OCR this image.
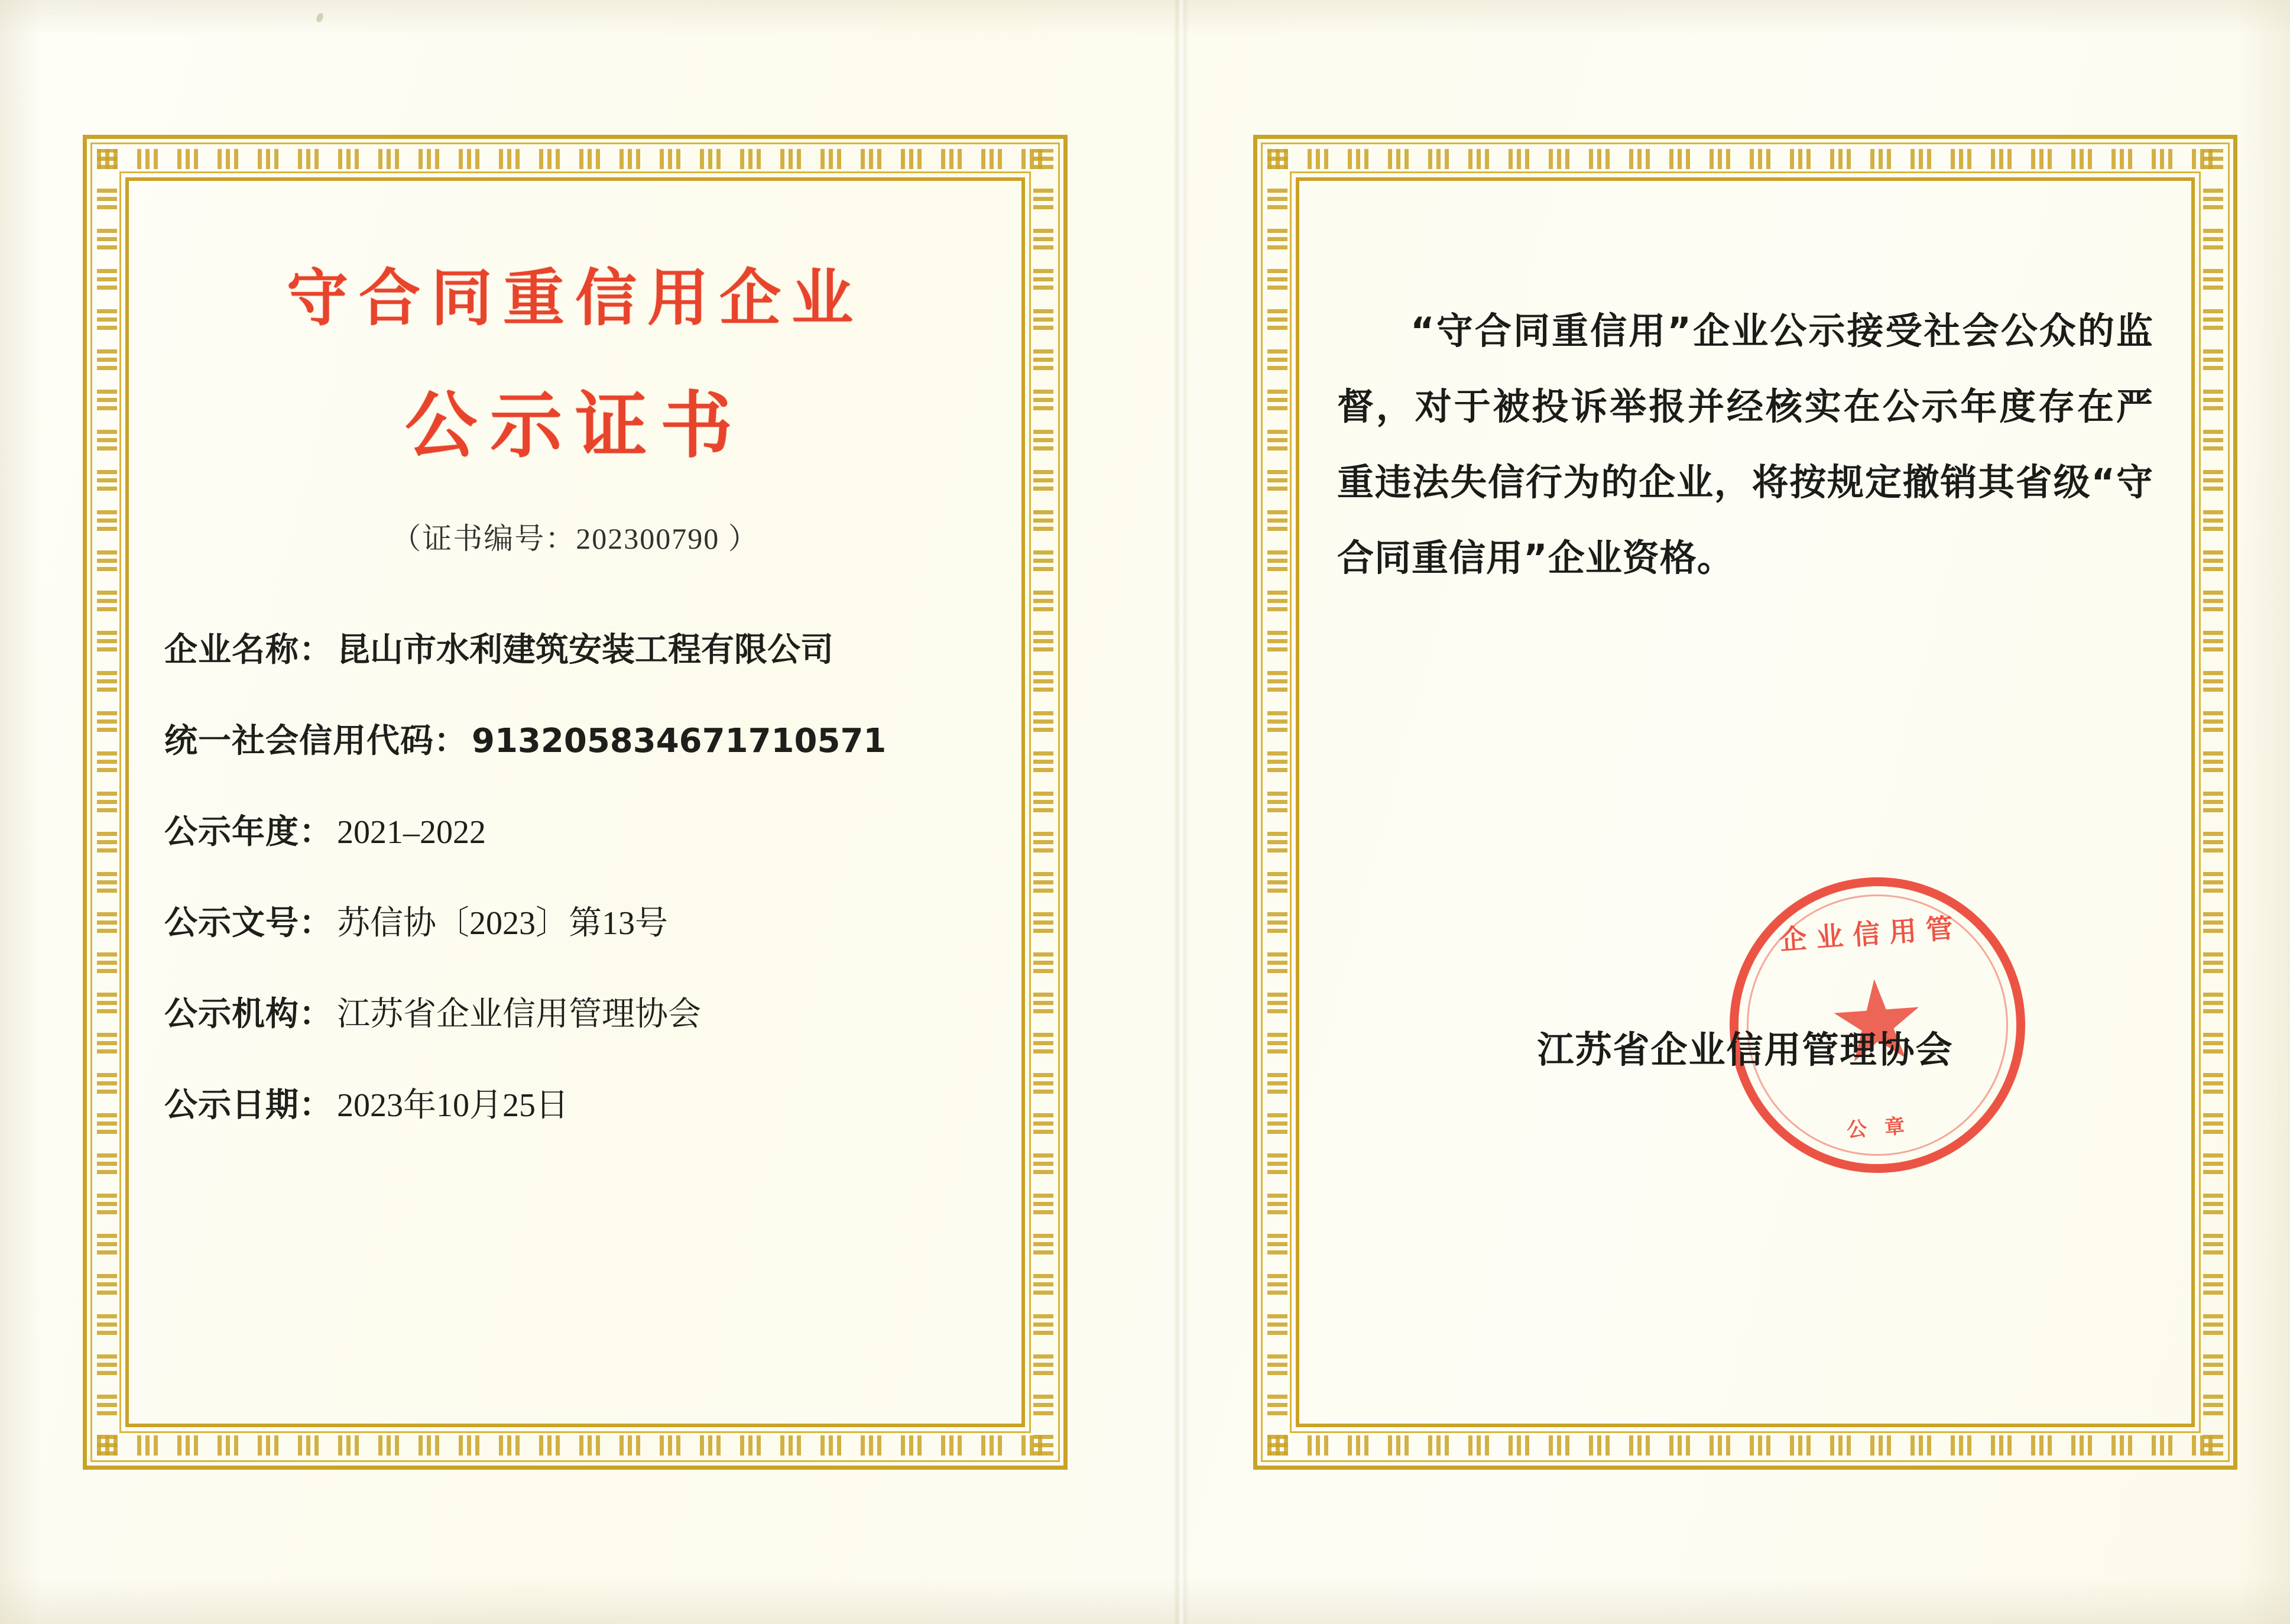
守合同重信用企业
公示证书
（证书编号：202300790 ）
企业名称 ： 昆山市水利建筑安装工程有限公司
统一社会信用代码 ： 913205834671710571
公示年度 ： 2021–2022
公示文号 ： 苏信协〔2023〕第13号
公示机构 ： 江苏省企业信用管理协会
公示日期 ： 2023年10月25日
“守合同重信用”企业公示接受社会公众的监督，对于被投诉举报并经核实在公示年度存在严重违法失信行为的企业，将按规定撤销其省级“守合同重信用”企业资格。
企业信用管
公章
江苏省企业信用管理协会
